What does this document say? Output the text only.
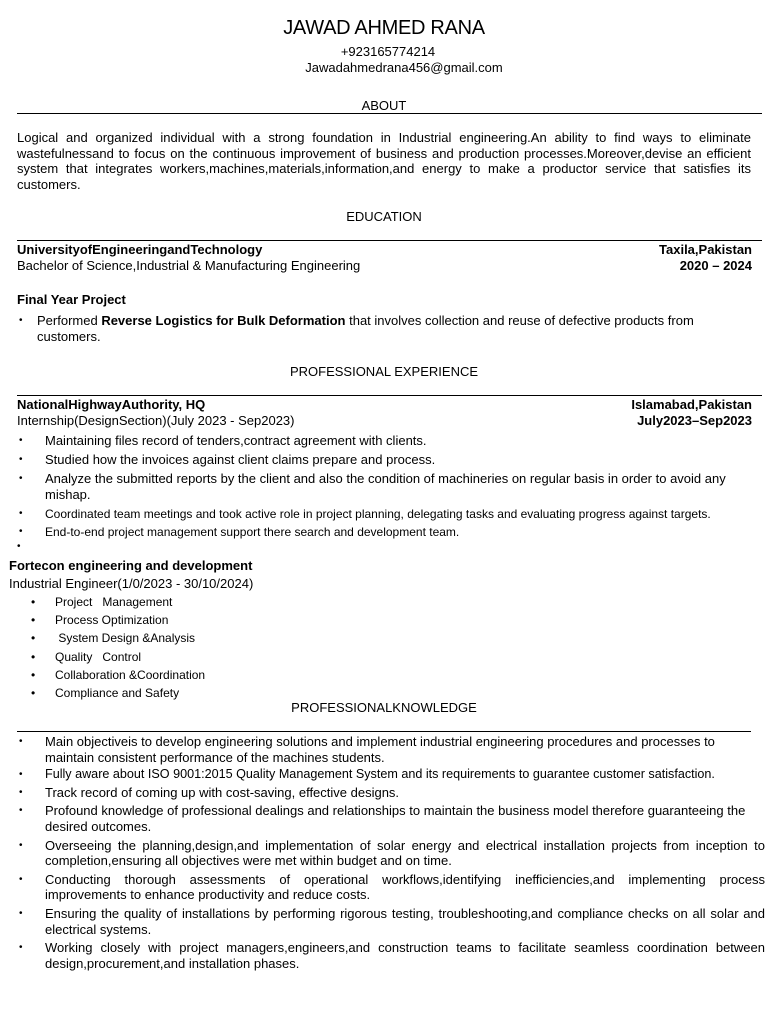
JAWAD AHMED RANA
+923165774214
Jawadahmedrana456@gmail.com
ABOUT
Logical and organized individual with a strong foundation in Industrial engineering.An ability to find ways to eliminate wastefulnessand to focus on the continuous improvement of business and production processes.Moreover,devise an efficient system that integrates workers,machines,materials,information,and energy to make a productor service that satisfies its customers.
EDUCATION
UniversityofEngineeringandTechnology	Taxila,Pakistan
Bachelor of Science,Industrial & Manufacturing Engineering	2020 – 2024
Final Year Project
• Performed Reverse Logistics for Bulk Deformation that involves collection and reuse of defective products from customers.
PROFESSIONAL EXPERIENCE
NationalHighwayAuthority, HQ	Islamabad,Pakistan
Internship(DesignSection)(July 2023 - Sep2023)	July2023–Sep2023
• Maintaining files record of tenders,contract agreement with clients.
• Studied how the invoices against client claims prepare and process.
• Analyze the submitted reports by the client and also the condition of machineries on regular basis in order to avoid any mishap.
• Coordinated team meetings and took active role in project planning, delegating tasks and evaluating progress against targets.
• End-to-end project management support there search and development team.
•
Fortecon engineering and development
Industrial Engineer(1/0/2023 - 30/10/2024)
• Project   Management
• Process Optimization
•  System Design &Analysis
• Quality   Control
• Collaboration &Coordination
• Compliance and Safety
PROFESSIONALKNOWLEDGE
• Main objectiveis to develop engineering solutions and implement industrial engineering procedures and processes to maintain consistent performance of the machines students.
• Fully aware about ISO 9001:2015 Quality Management System and its requirements to guarantee customer satisfaction.
• Track record of coming up with cost-saving, effective designs.
• Profound knowledge of professional dealings and relationships to maintain the business model therefore guaranteeing the desired outcomes.
• Overseeing the planning,design,and implementation of solar energy and electrical installation projects from inception to completion,ensuring all objectives were met within budget and on time.
• Conducting thorough assessments of operational workflows,identifying inefficiencies,and implementing process improvements to enhance productivity and reduce costs.
• Ensuring the quality of installations by performing rigorous testing, troubleshooting,and compliance checks on all solar and electrical systems.
• Working closely with project managers,engineers,and construction teams to facilitate seamless coordination between design,procurement,and installation phases.
